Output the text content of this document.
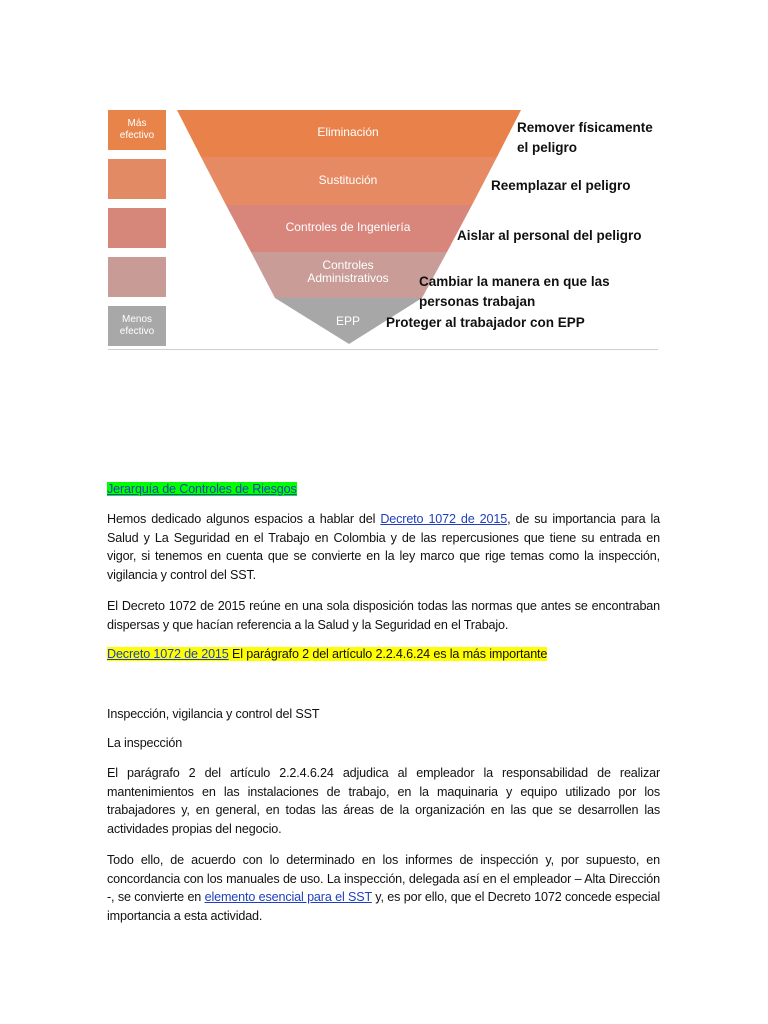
Más
efectivo
Menos
efectivo
Eliminación
Sustitución
Controles de Ingeniería
Controles
Administrativos
EPP
Remover físicamente
el peligro
Reemplazar el peligro
Aislar al personal del peligro
Cambiar la manera en que las
personas trabajan
Proteger al trabajador con EPP
Jerarquía de Controles de Riesgos
Hemos dedicado algunos espacios a hablar del Decreto 1072 de 2015, de su importancia para la Salud y La Seguridad en el Trabajo en Colombia y de las repercusiones que tiene su entrada en vigor, si tenemos en cuenta que se convierte en la ley marco que rige temas como la inspección, vigilancia y control del SST.
El Decreto 1072 de 2015 reúne en una sola disposición todas las normas que antes se encontraban dispersas y que hacían referencia a la Salud y la Seguridad en el Trabajo.
Decreto 1072 de 2015 El parágrafo 2 del artículo 2.2.4.6.24 es la más importante
Inspección, vigilancia y control del SST
La inspección
El parágrafo 2 del artículo 2.2.4.6.24 adjudica al empleador la responsabilidad de realizar mantenimientos en las instalaciones de trabajo, en la maquinaria y equipo utilizado por los trabajadores y, en general, en todas las áreas de la organización en las que se desarrollen las actividades propias del negocio.
Todo ello, de acuerdo con lo determinado en los informes de inspección y, por supuesto, en concordancia con los manuales de uso. La inspección, delegada así en el empleador – Alta Dirección -, se convierte en elemento esencial para el SST y, es por ello, que el Decreto 1072 concede especial importancia a esta actividad.
